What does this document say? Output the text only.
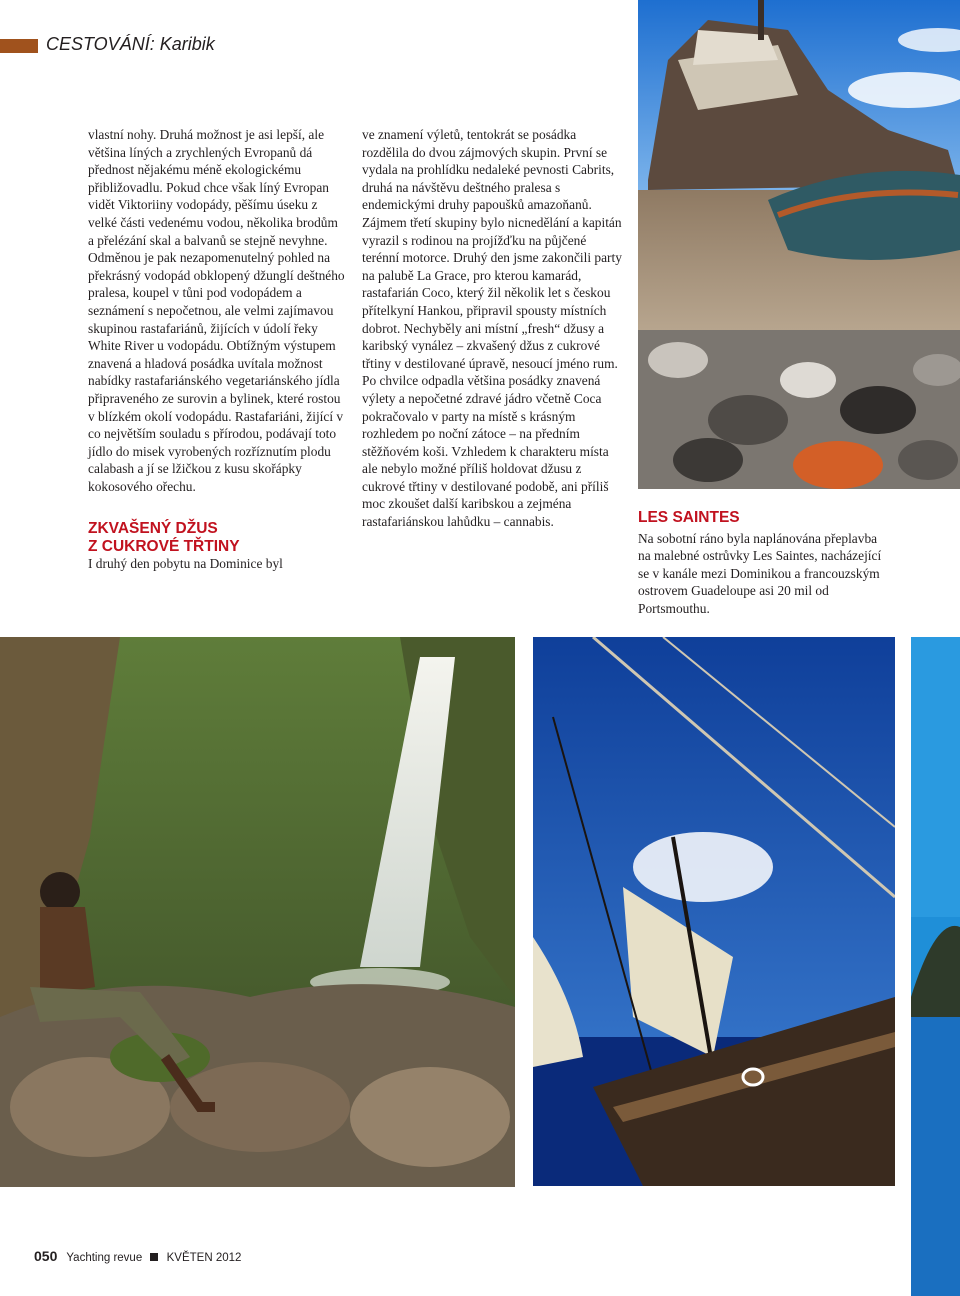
CESTOVÁNÍ: Karibik

vlastní nohy. Druhá možnost je asi lepší, ale většina líných a zrychlených Evropanů dá přednost nějakému méně ekologickému přibližovadlu. Pokud chce však líný Evropan vidět Viktoriiny vodopády, pěšímu úseku z velké části vedenému vodou, několika brodům a přelézání skal a balvanů se stejně nevyhne. Odměnou je pak nezapomenutelný pohled na překrásný vodopád obklopený džunglí deštného pralesa, koupel v tůni pod vodopádem a seznámení s nepočetnou, ale velmi zajímavou skupinou rastafariánů, žijících v údolí řeky White River u vodopádu. Obtížným výstupem znavená a hladová posádka uvítala možnost nabídky rastafariánského vegetariánského jídla připraveného ze surovin a bylinek, které rostou v blízkém okolí vodopádu. Rastafariáni, žijící v co největším souladu s přírodou, podávají toto jídlo do misek vyrobených rozříznutím plodu calabash a jí se lžičkou z kusu skořápky kokosového ořechu.

ZKVAŠENÝ DŽUS
Z CUKROVÉ TŘTINY

I druhý den pobytu na Dominice byl

ve znamení výletů, tentokrát se posádka rozdělila do dvou zájmových skupin. První se vydala na prohlídku nedaleké pevnosti Cabrits, druhá na návštěvu deštného pralesa s endemickými druhy papoušků amazoňanů. Zájmem třetí skupiny bylo nicnedělání a kapitán vyrazil s rodinou na projížďku na půjčené terénní motorce. Druhý den jsme zakončili party na palubě La Grace, pro kterou kamarád, rastafarián Coco, který žil několik let s českou přítelkyní Hankou, připravil spousty místních dobrot. Nechyběly ani místní „fresh“ džusy a karibský vynález – zkvašený džus z cukrové třtiny v destilované úpravě, nesoucí jméno rum. Po chvilce odpadla většina posádky znavená výlety a nepočetné zdravé jádro včetně Coca pokračovalo v party na místě s krásným rozhledem po noční zátoce – na předním stěžňovém koši. Vzhledem k charakteru místa ale nebylo možné příliš holdovat džusu z cukrové třtiny v destilované podobě, ani příliš moc zkoušet další karibskou a zejména rastafariánskou lahůdku – cannabis.	LES SAINTES

Na sobotní ráno byla naplánována přeplavba na malebné ostrůvky Les Saintes, nacházející se v kanále mezi Dominikou a francouzským ostrovem Guadeloupe asi 20 mil od Portsmouthu.

050 Yachting revue KVĚTEN 2012
